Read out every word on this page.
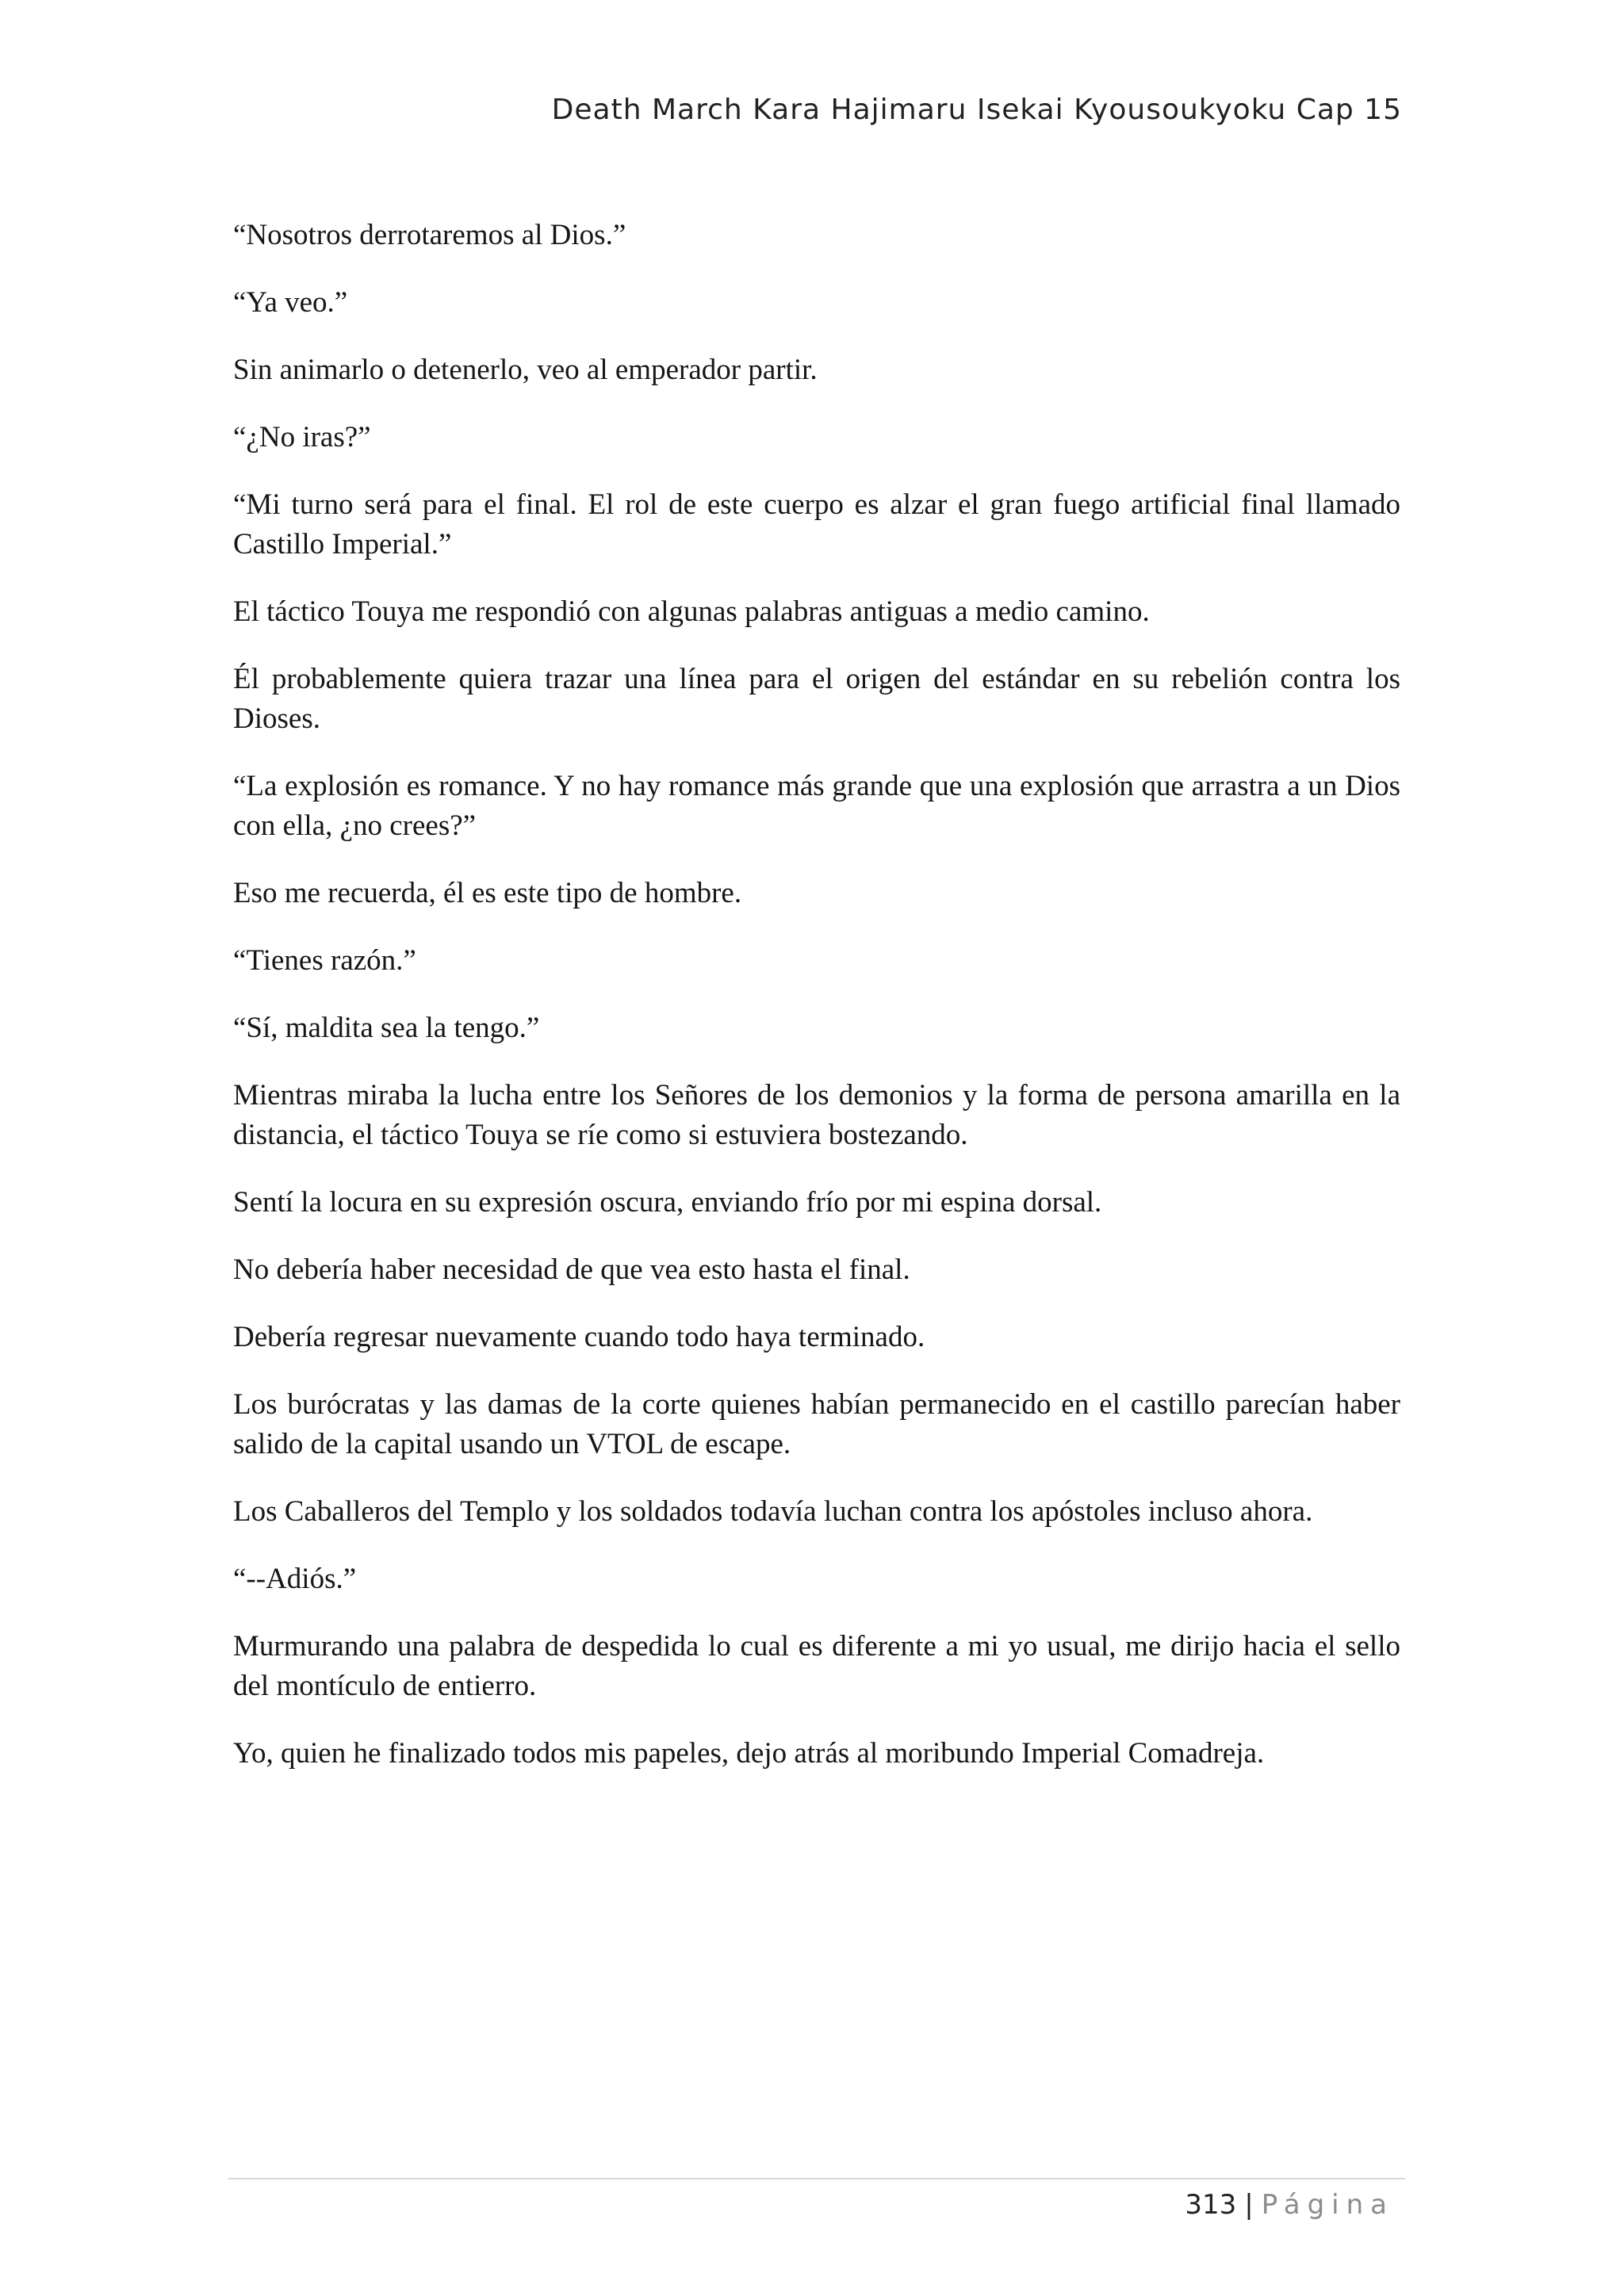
Death March Kara Hajimaru Isekai Kyousoukyoku Cap 15

“Nosotros derrotaremos al Dios.”

“Ya veo.”

Sin animarlo o detenerlo, veo al emperador partir.

“¿No iras?”

“Mi turno será para el final. El rol de este cuerpo es alzar el gran fuego artificial final llamado Castillo Imperial.”

El táctico Touya me respondió con algunas palabras antiguas a medio camino.

Él probablemente quiera trazar una línea para el origen del estándar en su rebelión contra los Dioses.

“La explosión es romance. Y no hay romance más grande que una explosión que arrastra a un Dios con ella, ¿no crees?”

Eso me recuerda, él es este tipo de hombre.

“Tienes razón.”

“Sí, maldita sea la tengo.”

Mientras miraba la lucha entre los Señores de los demonios y la forma de persona amarilla en la distancia, el táctico Touya se ríe como si estuviera bostezando.

Sentí la locura en su expresión oscura, enviando frío por mi espina dorsal.

No debería haber necesidad de que vea esto hasta el final.

Debería regresar nuevamente cuando todo haya terminado.

Los burócratas y las damas de la corte quienes habían permanecido en el castillo parecían haber salido de la capital usando un VTOL de escape.

Los Caballeros del Templo y los soldados todavía luchan contra los apóstoles incluso ahora.

“--Adiós.”

Murmurando una palabra de despedida lo cual es diferente a mi yo usual, me dirijo hacia el sello del montículo de entierro.

Yo, quien he finalizado todos mis papeles, dejo atrás al moribundo Imperial Comadreja.

313 | Página
